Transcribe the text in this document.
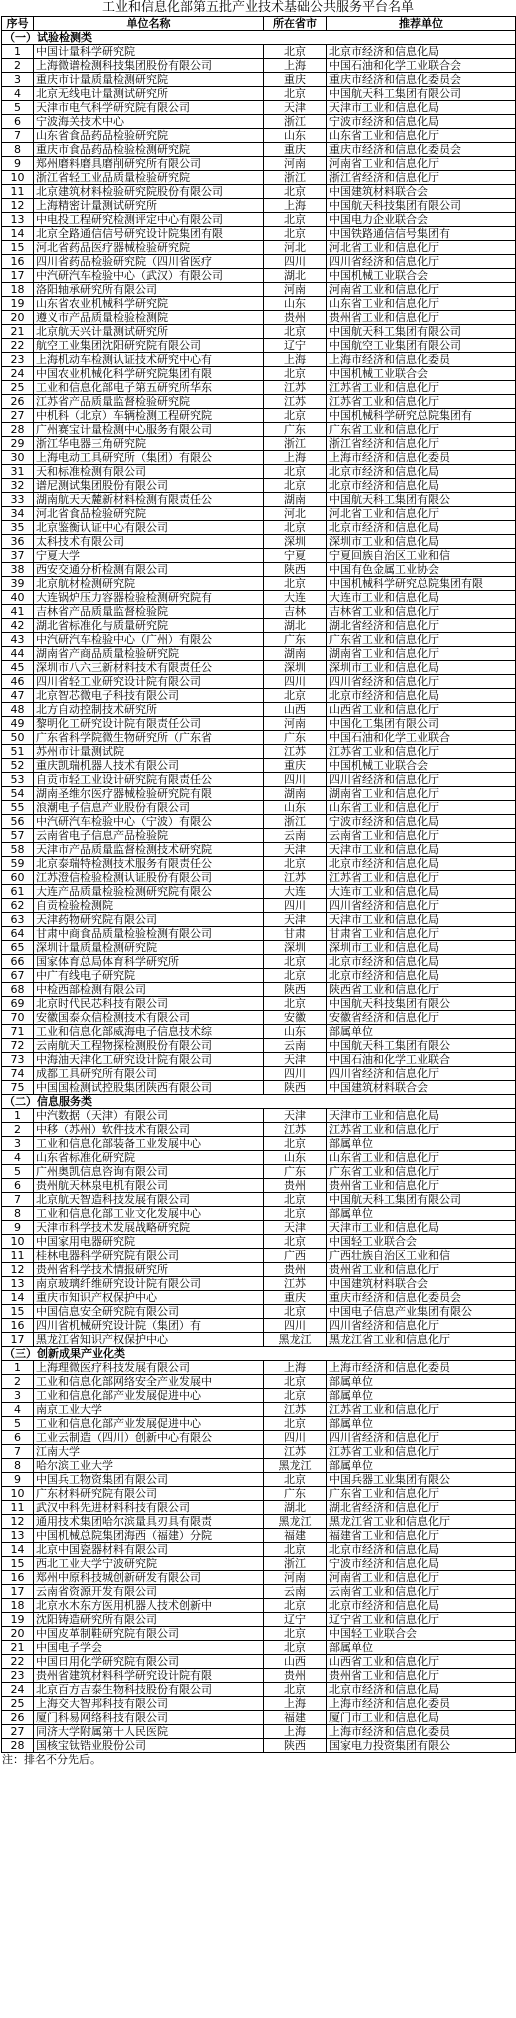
工业和信息化部第五批产业技术基础公共服务平台名单
序号	单位名称	所在省市	推荐单位
（一）试验检测类			
1	中国计量科学研究院	北京	北京市经济和信息化局
2	上海微谱检测科技集团股份有限公司	上海	中国石油和化学工业联合会
3	重庆市计量质量检测研究院	重庆	重庆市经济和信息化委员会
4	北京无线电计量测试研究所	北京	中国航天科工集团有限公司
5	天津市电气科学研究院有限公司	天津	天津市工业和信息化局
6	宁波海关技术中心	浙江	宁波市经济和信息化局
7	山东省食品药品检验研究院	山东	山东省工业和信息化厅
8	重庆市食品药品检验检测研究院	重庆	重庆市经济和信息化委员会
9	郑州磨料磨具磨削研究所有限公司	河南	河南省工业和信息化厅
10	浙江省轻工业品质量检验研究院	浙江	浙江省经济和信息化厅
11	北京建筑材料检验研究院股份有限公司	北京	中国建筑材料联合会
12	上海精密计量测试研究所	上海	中国航天科技集团有限公司
13	中电投工程研究检测评定中心有限公司	北京	中国电力企业联合会
14	北京全路通信信号研究设计院集团有限	北京	中国铁路通信信号集团有
15	河北省药品医疗器械检验研究院	河北	河北省工业和信息化厅
16	四川省药品检验研究院（四川省医疗	四川	四川省经济和信息化厅
17	中汽研汽车检验中心（武汉）有限公司	湖北	中国机械工业联合会
18	洛阳轴承研究所有限公司	河南	河南省工业和信息化厅
19	山东省农业机械科学研究院	山东	山东省工业和信息化厅
20	遵义市产品质量检验检测院	贵州	贵州省工业和信息化厅
21	北京航天兴计量测试研究所	北京	中国航天科工集团有限公司
22	航空工业集团沈阳研究院有限公司	辽宁	中国航空工业集团有限公司
23	上海机动车检测认证技术研究中心有	上海	上海市经济和信息化委员
24	中国农业机械化科学研究院集团有限	北京	中国机械工业联合会
25	工业和信息化部电子第五研究所华东	江苏	江苏省工业和信息化厅
26	江苏省产品质量监督检验研究院	江苏	江苏省工业和信息化厅
27	中机科（北京）车辆检测工程研究院	北京	中国机械科学研究总院集团有
28	广州赛宝计量检测中心服务有限公司	广东	广东省工业和信息化厅
29	浙江华电器三角研究院	浙江	浙江省经济和信息化厅
30	上海电动工具研究所（集团）有限公	上海	上海市经济和信息化委员
31	天和标准检测有限公司	北京	北京市经济和信息化局
32	谱尼测试集团股份有限公司	北京	北京市经济和信息化局
33	湖南航天天麓新材料检测有限责任公	湖南	中国航天科工集团有限公
34	河北省食品检验研究院	河北	河北省工业和信息化厅
35	北京鉴衡认证中心有限公司	北京	北京市经济和信息化局
36	太科技术有限公司	深圳	深圳市工业和信息化局
37	宁夏大学	宁夏	宁夏回族自治区工业和信
38	西安交通分析检测有限公司	陕西	中国有色金属工业协会
39	北京航材检测研究院	北京	中国机械科学研究总院集团有限
40	大连锅炉压力容器检验检测研究院有	大连	大连市工业和信息化局
41	吉林省产品质量监督检验院	吉林	吉林省工业和信息化厅
42	湖北省标准化与质量研究院	湖北	湖北省经济和信息化厅
43	中汽研汽车检验中心（广州）有限公	广东	广东省工业和信息化厅
44	湖南省产商品质量检验研究院	湖南	湖南省工业和信息化厅
45	深圳市八六三新材料技术有限责任公	深圳	深圳市工业和信息化局
46	四川省轻工业研究设计院有限公司	四川	四川省经济和信息化厅
47	北京智芯微电子科技有限公司	北京	北京市经济和信息化局
48	北方自动控制技术研究所	山西	山西省工业和信息化厅
49	黎明化工研究设计院有限责任公司	河南	中国化工集团有限公司
50	广东省科学院微生物研究所（广东省	广东	中国石油和化学工业联合
51	苏州市计量测试院	江苏	江苏省工业和信息化厅
52	重庆凯瑞机器人技术有限公司	重庆	中国机械工业联合会
53	自贡市轻工业设计研究院有限责任公	四川	四川省经济和信息化厅
54	湖南圣维尔医疗器械检验研究院有限	湖南	湖南省工业和信息化厅
55	浪潮电子信息产业股份有限公司	山东	山东省工业和信息化厅
56	中汽研汽车检验中心（宁波）有限公	浙江	宁波市经济和信息化局
57	云南省电子信息产品检验院	云南	云南省工业和信息化厅
58	天津市产品质量监督检测技术研究院	天津	天津市工业和信息化局
59	北京泰瑞特检测技术服务有限责任公	北京	北京市经济和信息化局
60	江苏澄信检验检测认证股份有限公司	江苏	江苏省工业和信息化厅
61	大连产品质量检验检测研究院有限公	大连	大连市工业和信息化局
62	自贡检验检测院	四川	四川省经济和信息化厅
63	天津药物研究院有限公司	天津	天津市工业和信息化局
64	甘肃中商食品质量检验检测有限公司	甘肃	甘肃省工业和信息化厅
65	深圳计量质量检测研究院	深圳	深圳市工业和信息化局
66	国家体育总局体育科学研究所	北京	北京市经济和信息化局
67	中广有线电子研究院	北京	北京市经济和信息化局
68	中检西部检测有限公司	陕西	陕西省工业和信息化厅
69	北京时代民芯科技有限公司	北京	中国航天科技集团有限公
70	安徽国泰众信检测技术有限公司	安徽	安徽省经济和信息化厅
71	工业和信息化部威海电子信息技术综	山东	部属单位
72	云南航天工程物探检测股份有限公司	云南	中国航天科工集团有限公
73	中海油天津化工研究设计院有限公司	天津	中国石油和化学工业联合
74	成都工具研究所有限公司	四川	四川省经济和信息化厅
75	中国国检测试控股集团陕西有限公司	陕西	中国建筑材料联合会
（二）信息服务类			
1	中汽数据（天津）有限公司	天津	天津市工业和信息化局
2	中移（苏州）软件技术有限公司	江苏	江苏省工业和信息化厅
3	工业和信息化部装备工业发展中心	北京	部属单位
4	山东省标准化研究院	山东	山东省工业和信息化厅
5	广州奥凯信息咨询有限公司	广东	广东省工业和信息化厅
6	贵州航天林泉电机有限公司	贵州	贵州省工业和信息化厅
7	北京航天智造科技发展有限公司	北京	中国航天科工集团有限公司
8	工业和信息化部工业文化发展中心	北京	部属单位
9	天津市科学技术发展战略研究院	天津	天津市工业和信息化局
10	中国家用电器研究院	北京	中国轻工业联合会
11	桂林电器科学研究院有限公司	广西	广西壮族自治区工业和信
12	贵州省科学技术情报研究所	贵州	贵州省工业和信息化厅
13	南京玻璃纤维研究设计院有限公司	江苏	中国建筑材料联合会
14	重庆市知识产权保护中心	重庆	重庆市经济和信息化委员会
15	中国信息安全研究院有限公司	北京	中国电子信息产业集团有限公
16	四川省机械研究设计院（集团）有	四川	四川省经济和信息化厅
17	黑龙江省知识产权保护中心	黑龙江	黑龙江省工业和信息化厅
（三）创新成果产业化类			
1	上海理微医疗科技发展有限公司	上海	上海市经济和信息化委员
2	工业和信息化部网络安全产业发展中	北京	部属单位
3	工业和信息化部产业发展促进中心	北京	部属单位
4	南京工业大学	江苏	江苏省工业和信息化厅
5	工业和信息化部产业发展促进中心	北京	部属单位
6	工业云制造（四川）创新中心有限公	四川	四川省经济和信息化厅
7	江南大学	江苏	江苏省工业和信息化厅
8	哈尔滨工业大学	黑龙江	部属单位
9	中国兵工物资集团有限公司	北京	中国兵器工业集团有限公
10	广东材料研究院有限公司	广东	广东省工业和信息化厅
11	武汉中科先进材料科技有限公司	湖北	湖北省经济和信息化厅
12	通用技术集团哈尔滨量具刃具有限责	黑龙江	黑龙江省工业和信息化厅
13	中国机械总院集团海西（福建）分院	福建	福建省工业和信息化厅
14	北京中国瓷器材料有限公司	北京	北京市经济和信息化局
15	西北工业大学宁波研究院	浙江	宁波市经济和信息化局
16	郑州中原科技城创新研发有限公司	河南	河南省工业和信息化厅
17	云南省资源开发有限公司	云南	云南省工业和信息化厅
18	北京水木东方医用机器人技术创新中	北京	北京市经济和信息化局
19	沈阳铸造研究所有限公司	辽宁	辽宁省工业和信息化厅
20	中国皮革制鞋研究院有限公司	北京	中国轻工业联合会
21	中国电子学会	北京	部属单位
22	中国日用化学研究院有限公司	山西	山西省工业和信息化厅
23	贵州省建筑材料科学研究设计院有限	贵州	贵州省工业和信息化厅
24	北京百方吉泰生物科技股份有限公司	北京	北京市经济和信息化局
25	上海交大智邦科技有限公司	上海	上海市经济和信息化委员
26	厦门科易网络科技有限公司	福建	厦门市工业和信息化局
27	同济大学附属第十人民医院	上海	上海市经济和信息化委员
28	国核宝钛锆业股份公司	陕西	国家电力投资集团有限公
注：排名不分先后。
